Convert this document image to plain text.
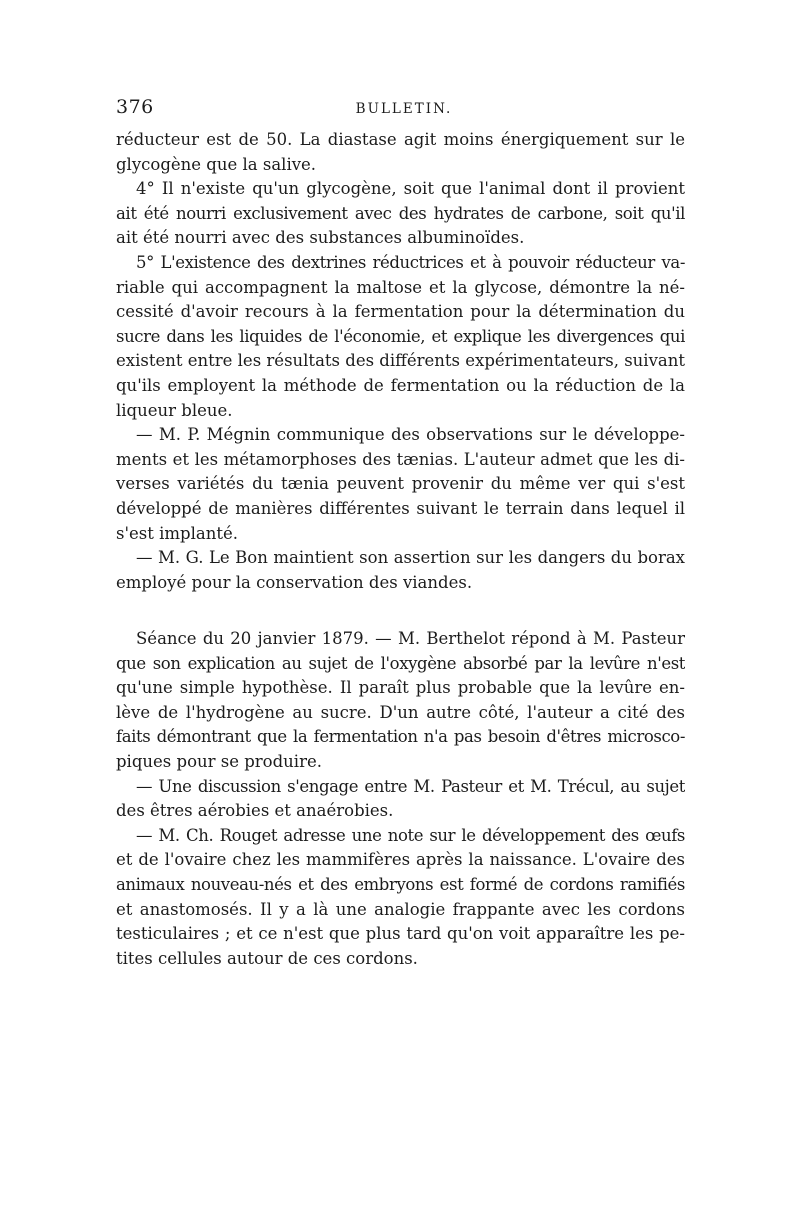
376	BULLETIN.
réducteur est de 50. La diastase agit moins énergiquement sur le
glycogène que la salive.
4° Il n'existe qu'un glycogène, soit que l'animal dont il provient
ait été nourri exclusivement avec des hydrates de carbone, soit qu'il
ait été nourri avec des substances albuminoïdes.
5° L'existence des dextrines réductrices et à pouvoir réducteur va-
riable qui accompagnent la maltose et la glycose, démontre la né-
cessité d'avoir recours à la fermentation pour la détermination du
sucre dans les liquides de l'économie, et explique les divergences qui
existent entre les résultats des différents expérimentateurs, suivant
qu'ils employent la méthode de fermentation ou la réduction de la
liqueur bleue.
— M. P. Mégnin communique des observations sur le développe-
ments et les métamorphoses des tænias. L'auteur admet que les di-
verses variétés du tænia peuvent provenir du même ver qui s'est
développé de manières différentes suivant le terrain dans lequel il
s'est implanté.
— M. G. Le Bon maintient son assertion sur les dangers du borax
employé pour la conservation des viandes.
Séance du 20 janvier 1879. — M. Berthelot répond à M. Pasteur
que son explication au sujet de l'oxygène absorbé par la levûre n'est
qu'une simple hypothèse. Il paraît plus probable que la levûre en-
lève de l'hydrogène au sucre. D'un autre côté, l'auteur a cité des
faits démontrant que la fermentation n'a pas besoin d'êtres microsco-
piques pour se produire.
— Une discussion s'engage entre M. Pasteur et M. Trécul, au sujet
des êtres aérobies et anaérobies.
— M. Ch. Rouget adresse une note sur le développement des œufs
et de l'ovaire chez les mammifères après la naissance. L'ovaire des
animaux nouveau-nés et des embryons est formé de cordons ramifiés
et anastomosés. Il y a là une analogie frappante avec les cordons
testiculaires ; et ce n'est que plus tard qu'on voit apparaître les pe-
tites cellules autour de ces cordons.
